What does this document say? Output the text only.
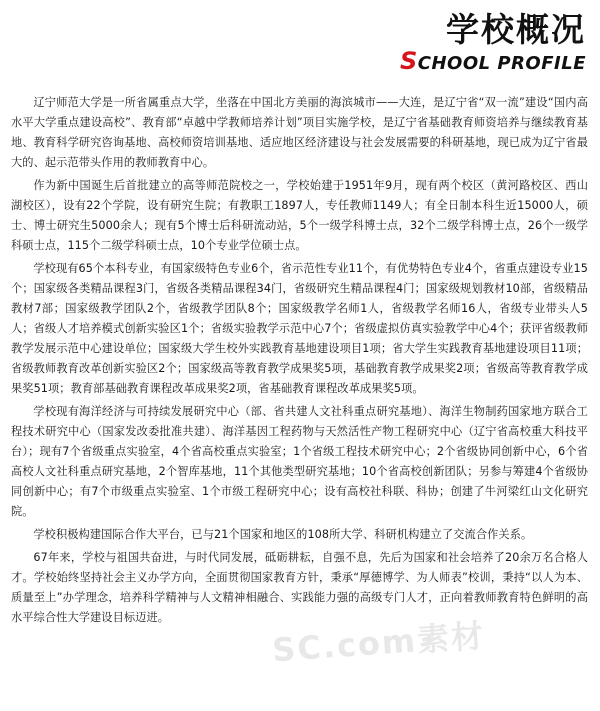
学校概况
SCHOOL PROFILE

辽宁师范大学是一所省属重点大学，坐落在中国北方美丽的海滨城市——大连，是辽宁省“双一流”建设“国内高水平大学重点建设高校”、教育部“卓越中学教师培养计划”项目实施学校，是辽宁省基础教育师资培养与继续教育基地、教育科学研究咨询基地、高校师资培训基地、适应地区经济建设与社会发展需要的科研基地，现已成为辽宁省最大的、起示范带头作用的教师教育中心。

作为新中国诞生后首批建立的高等师范院校之一，学校始建于1951年9月，现有两个校区（黄河路校区、西山湖校区），设有22个学院，设有研究生院；有教职工1897人，专任教师1149人；有全日制本科生近15000人，硕士、博士研究生5000余人；现有5个博士后科研流动站，5个一级学科博士点，32个二级学科博士点，26个一级学科硕士点，115个二级学科硕士点，10个专业学位硕士点。

学校现有65个本科专业，有国家级特色专业6个，省示范性专业11个，有优势特色专业4个，省重点建设专业15个；国家级各类精品课程3门，省级各类精品课程34门，省级研究生精品课程4门；国家级规划教材10部，省级精品教材7部；国家级教学团队2个，省级教学团队8个；国家级教学名师1人，省级教学名师16人，省级专业带头人5人；省级人才培养模式创新实验区1个；省级实验教学示范中心7个；省级虚拟仿真实验教学中心4个；获评省级教师教学发展示范中心建设单位；国家级大学生校外实践教育基地建设项目1项；省大学生实践教育基地建设项目11项；省级教师教育改革创新实验区2个；国家级高等教育教学成果奖5项，基础教育教学成果奖2项；省级高等教育教学成果奖51项；教育部基础教育课程改革成果奖2项，省基础教育课程改革成果奖5项。

学校现有海洋经济与可持续发展研究中心（部、省共建人文社科重点研究基地）、海洋生物制药国家地方联合工程技术研究中心（国家发改委批准共建）、海洋基因工程药物与天然活性产物工程研究中心（辽宁省高校重大科技平台）；现有7个省级重点实验室，4个省高校重点实验室；1个省级工程技术研究中心；2个省级协同创新中心，6个省高校人文社科重点研究基地，2个智库基地，11个其他类型研究基地；10个省高校创新团队；另参与筹建4个省级协同创新中心；有7个市级重点实验室、1个市级工程研究中心；设有高校社科联、科协；创建了牛河梁红山文化研究院。

学校积极构建国际合作大平台，已与21个国家和地区的108所大学、科研机构建立了交流合作关系。

67年来，学校与祖国共奋进，与时代同发展，砥砺耕耘，自强不息，先后为国家和社会培养了20余万名合格人才。学校始终坚持社会主义办学方向，全面贯彻国家教育方针，秉承“厚德博学、为人师表”校训，秉持“以人为本、质量至上”办学理念，培养科学精神与人文精神相融合、实践能力强的高级专门人才，正向着教师教育特色鲜明的高水平综合性大学建设目标迈进。	SC.com素材
